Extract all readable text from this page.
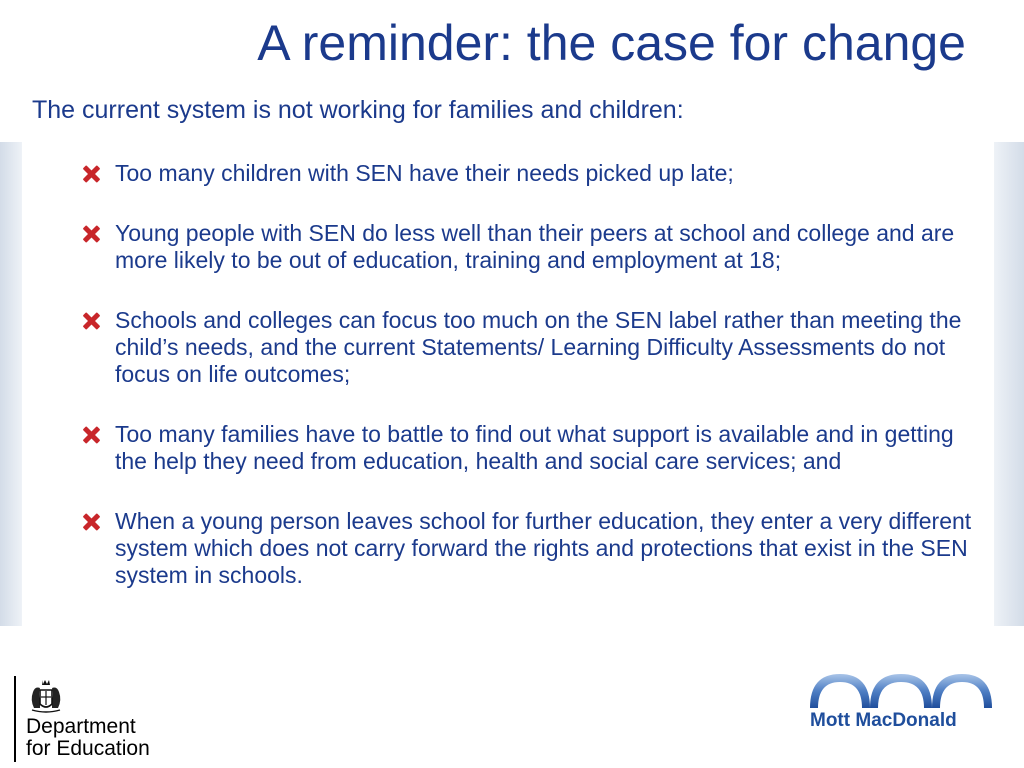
A reminder: the case for change

The current system is not working for families and children:

Too many children with SEN have their needs picked up late;
Young people with SEN do less well than their peers at school and college and are more likely to be out of education, training and employment at 18;
Schools and colleges can focus too much on the SEN label rather than meeting the child’s needs, and the current Statements/ Learning Difficulty Assessments do not focus on life outcomes;
Too many families have to battle to find out what support is available and in getting the help they need from education, health and social care services; and
When a young person leaves school for further education, they enter a very different system which does not carry forward the rights and protections that exist in the SEN system in schools.
Department
for Education
Mott MacDonald
